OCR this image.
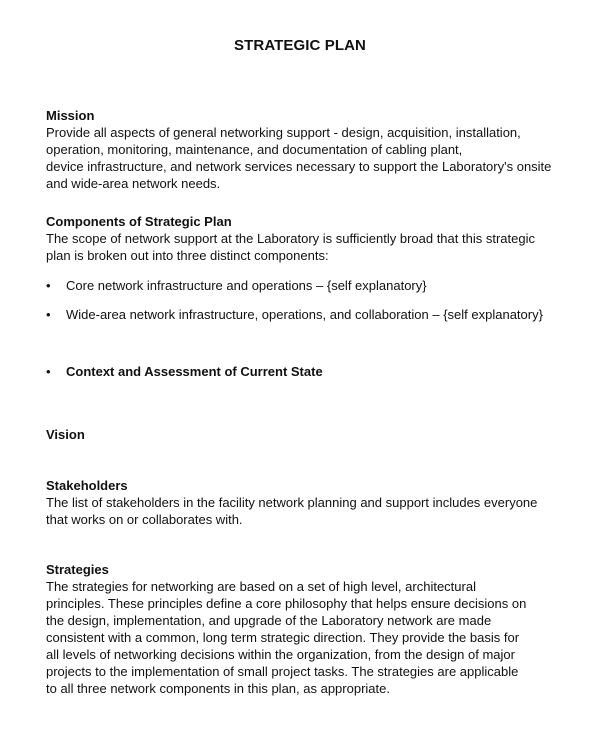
STRATEGIC PLAN
Mission
Provide all aspects of general networking support - design, acquisition, installation,
operation, monitoring, maintenance, and documentation of cabling plant,
device infrastructure, and network services necessary to support the Laboratory's onsite
and wide-area network needs.
Components of Strategic Plan
The scope of network support at the Laboratory is sufficiently broad that this strategic
plan is broken out into three distinct components:
•	Core network infrastructure and operations – {self explanatory}
•	Wide-area network infrastructure, operations, and collaboration – {self explanatory}
•	Context and Assessment of Current State
Vision
Stakeholders
The list of stakeholders in the facility network planning and support includes everyone
that works on or collaborates with.
Strategies
The strategies for networking are based on a set of high level, architectural
principles. These principles define a core philosophy that helps ensure decisions on
the design, implementation, and upgrade of the Laboratory network are made
consistent with a common, long term strategic direction. They provide the basis for
all levels of networking decisions within the organization, from the design of major
projects to the implementation of small project tasks. The strategies are applicable
to all three network components in this plan, as appropriate.
